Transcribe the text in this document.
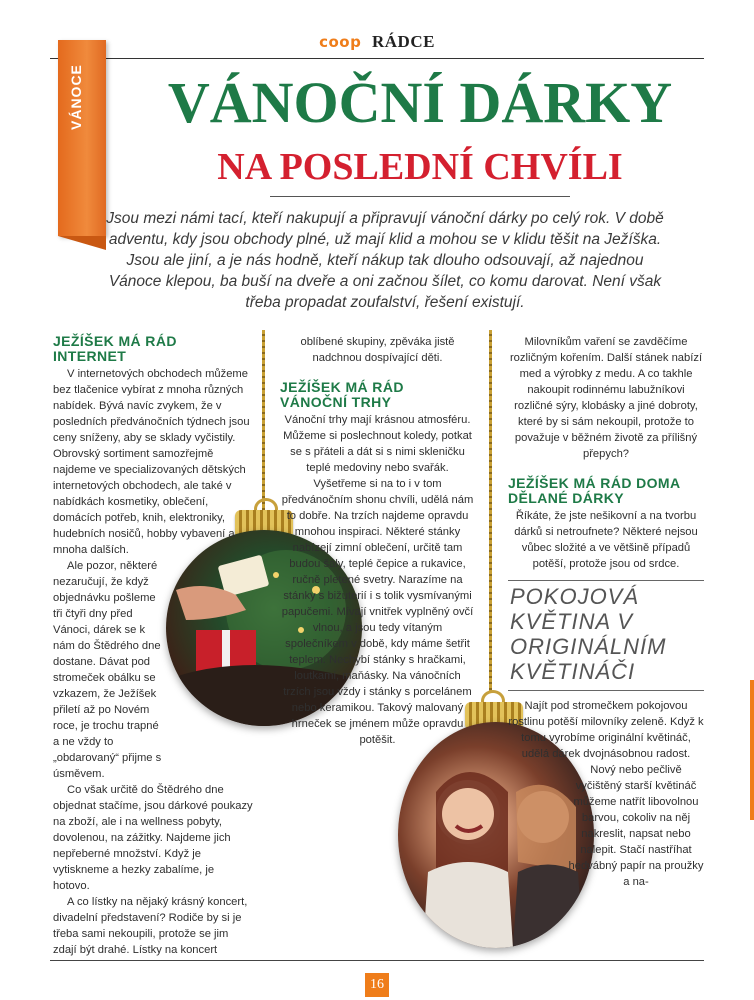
coop RÁDCE
VÁNOCE VÁNOČNÍ DÁRKY
NA POSLEDNÍ CHVÍLI
Jsou mezi námi tací, kteří nakupují a připravují vánoční dárky po celý rok. V době adventu, kdy jsou obchody plné, už mají klid a mohou se v klidu těšit na Ježíška. Jsou ale jiní, a je nás hodně, kteří nákup tak dlouho odsouvají, až najednou Vánoce klepou, ba buší na dveře a oni začnou šílet, co komu darovat. Není však třeba propadat zoufalství, řešení existují.
JEŽÍŠEK MÁ RÁD INTERNET

V internetových obchodech můžeme bez tlačenice vybírat z mnoha různých nabídek. Bývá navíc zvykem, že v posledních předvánočních týdnech jsou ceny sníženy, aby se sklady vyčistily. Obrovský sortiment samozřejmě najdeme ve specializovaných dětských internetových obchodech, ale také v nabídkách kosmetiky, oblečení, domácích potřeb, knih, elektroniky, hudebních nosičů, hobby vybavení a mnoha dalších.

Ale pozor, některé nezaručují, že když objednávku pošleme tři čtyři dny před Vánoci, dárek se k nám do Štědrého dne dostane. Dávat pod stromeček obálku se vzkazem, že Ježíšek přiletí až po Novém roce, je trochu trapné a ne vždy to „obdarovaný“ přijme s úsměvem.

Co však určitě do Štědrého dne objednat stačíme, jsou dárkové poukazy na zboží, ale i na wellness pobyty, dovolenou, na zážitky. Najdeme jich nepřeberné množství. Když je vytiskneme a hezky zabalíme, je hotovo.

A co lístky na nějaký krásný koncert, divadelní představení? Rodiče by si je třeba sami nekoupili, protože se jim zdají být drahé. Lístky na koncert

oblíbené skupiny, zpěváka jistě nadchnou dospívající děti.

JEŽÍŠEK MÁ RÁD VÁNOČNÍ TRHY

Vánoční trhy mají krásnou atmosféru. Můžeme si poslechnout koledy, potkat se s přáteli a dát si s nimi skleničku teplé medoviny nebo svařák. Vyšetřeme si na to i v tom předvánočním shonu chvíli, udělá nám to dobře. Na trzích najdeme opravdu mnohou inspiraci. Některé stánky nabízejí zimní oblečení, určitě tam budou šály, teplé čepice a rukavice, ručně pletené svetry. Narazíme na stánky s bižuterií i s tolik vysmívanými papučemi. Mívají vnitřek vyplněný ovčí vlnou, a jsou tedy vítaným společníkem v době, kdy máme šetřit teplem. Nechybí stánky s hračkami, loutkami, maňásky. Na vánočních trzích jsou vždy i stánky s porcelánem nebo keramikou. Takový malovaný hrneček se jménem může opravdu potěšit.

Milovníkům vaření se zavděčíme rozličným kořením. Další stánek nabízí med a výrobky z medu. A co takhle nakoupit rodinnému labužníkovi rozličné sýry, klobásky a jiné dobroty, které by si sám nekoupil, protože to považuje v běžném životě za přílišný přepych?

JEŽÍŠEK MÁ RÁD DOMA DĚLANÉ DÁRKY

Říkáte, že jste nešikovní a na tvorbu dárků si netroufnete? Některé nejsou vůbec složité a ve většině případů potěší, protože jsou od srdce.

POKOJOVÁ KVĚTINA V ORIGINÁLNÍM KVĚTINÁČI

Najít pod stromečkem pokojovou rostlinu potěší milovníky zeleně. Když k tomu vyrobíme originální květináč, udělá dárek dvojnásobnou radost.

Nový nebo pečlivě vyčištěný starší květináč můžeme natřít libovolnou barvou, cokoliv na něj nakreslit, napsat nebo nalepit. Stačí nastříhat hedvábný papír na proužky a na-

16
